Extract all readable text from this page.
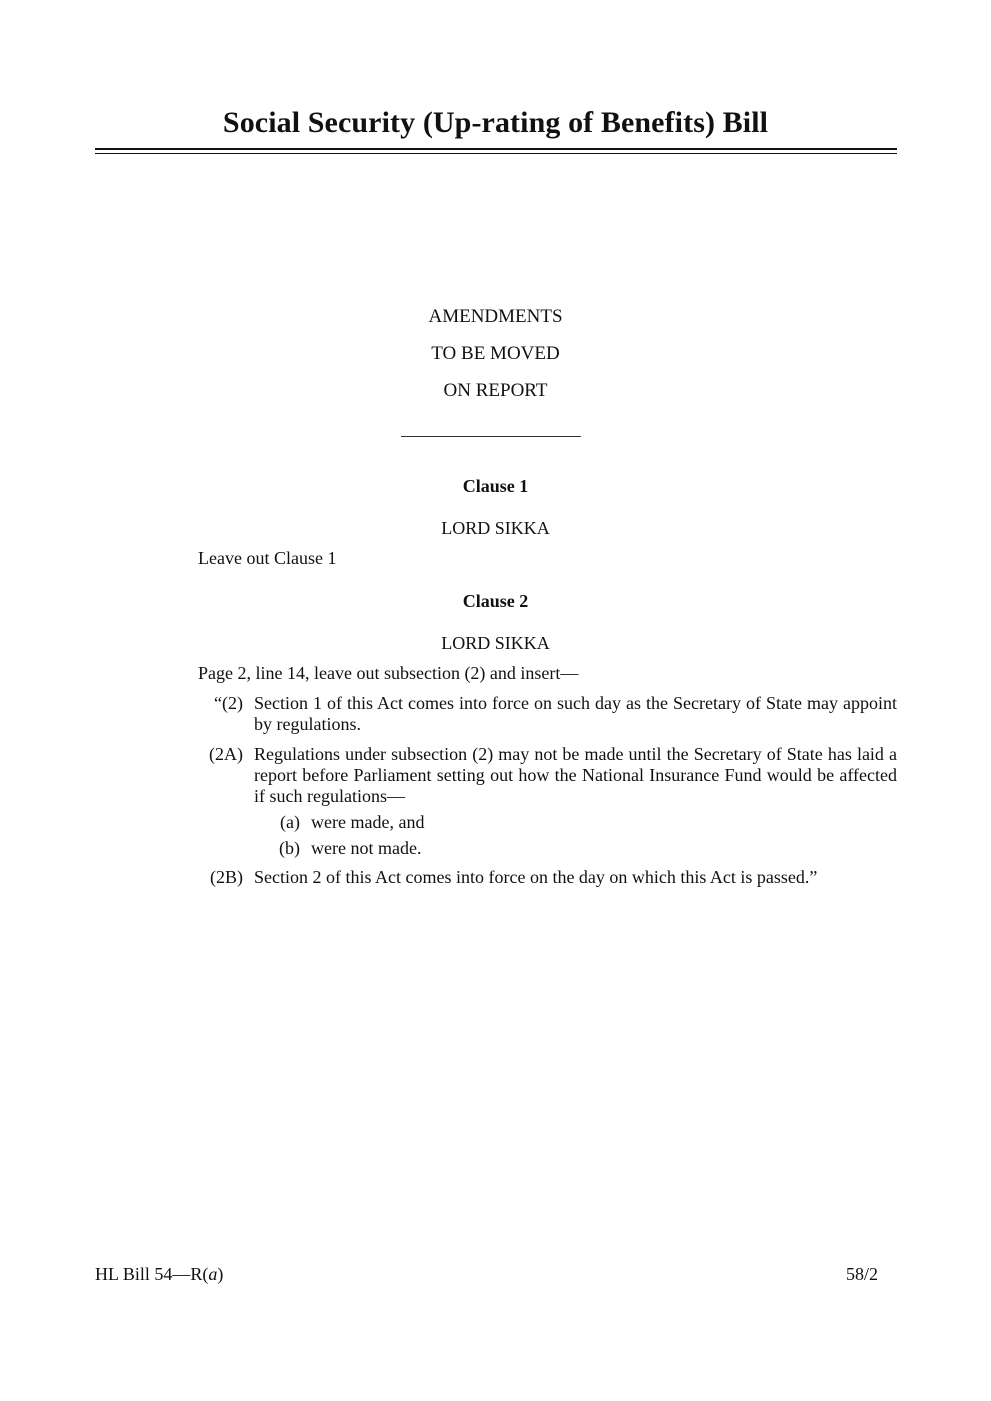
Social Security (Up-rating of Benefits) Bill
AMENDMENTS
TO BE MOVED
ON REPORT
Clause 1
LORD SIKKA
Leave out Clause 1
Clause 2
LORD SIKKA
Page 2, line 14, leave out subsection (2) and insert—
“(2) Section 1 of this Act comes into force on such day as the Secretary of State may appoint by regulations.
(2A) Regulations under subsection (2) may not be made until the Secretary of State has laid a report before Parliament setting out how the National Insurance Fund would be affected if such regulations—
(a) were made, and
(b) were not made.
(2B) Section 2 of this Act comes into force on the day on which this Act is passed.”
HL Bill 54—R(a)	58/2
